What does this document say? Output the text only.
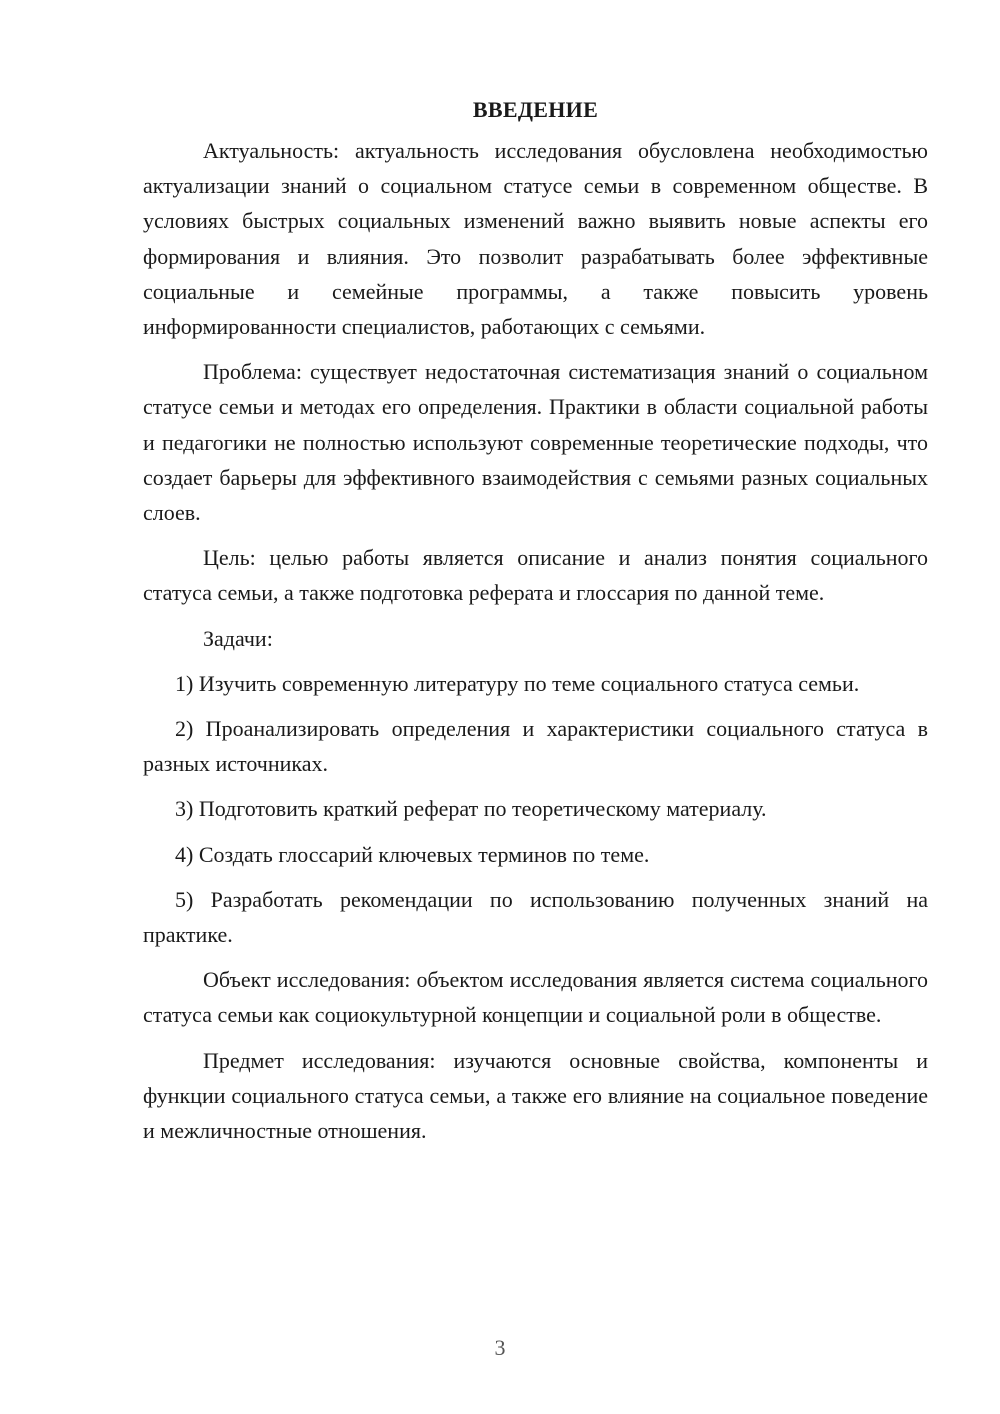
ВВЕДЕНИЕ

Актуальность: актуальность исследования обусловлена необходимостью актуализации знаний о социальном статусе семьи в современном обществе. В условиях быстрых социальных изменений важно выявить новые аспекты его формирования и влияния. Это позволит разрабатывать более эффективные социальные и семейные программы, а также повысить уровень информированности специалистов, работающих с семьями.

Проблема: существует недостаточная систематизация знаний о социальном статусе семьи и методах его определения. Практики в области социальной работы и педагогики не полностью используют современные теоретические подходы, что создает барьеры для эффективного взаимодействия с семьями разных социальных слоев.

Цель: целью работы является описание и анализ понятия социального статуса семьи, а также подготовка реферата и глоссария по данной теме.

Задачи:

1) Изучить современную литературу по теме социального статуса семьи.

2) Проанализировать определения и характеристики социального статуса в разных источниках.

3) Подготовить краткий реферат по теоретическому материалу.

4) Создать глоссарий ключевых терминов по теме.

5) Разработать рекомендации по использованию полученных знаний на практике.

Объект исследования: объектом исследования является система социального статуса семьи как социокультурной концепции и социальной роли в обществе.

Предмет исследования: изучаются основные свойства, компоненты и функции социального статуса семьи, а также его влияние на социальное поведение и межличностные отношения.

3
